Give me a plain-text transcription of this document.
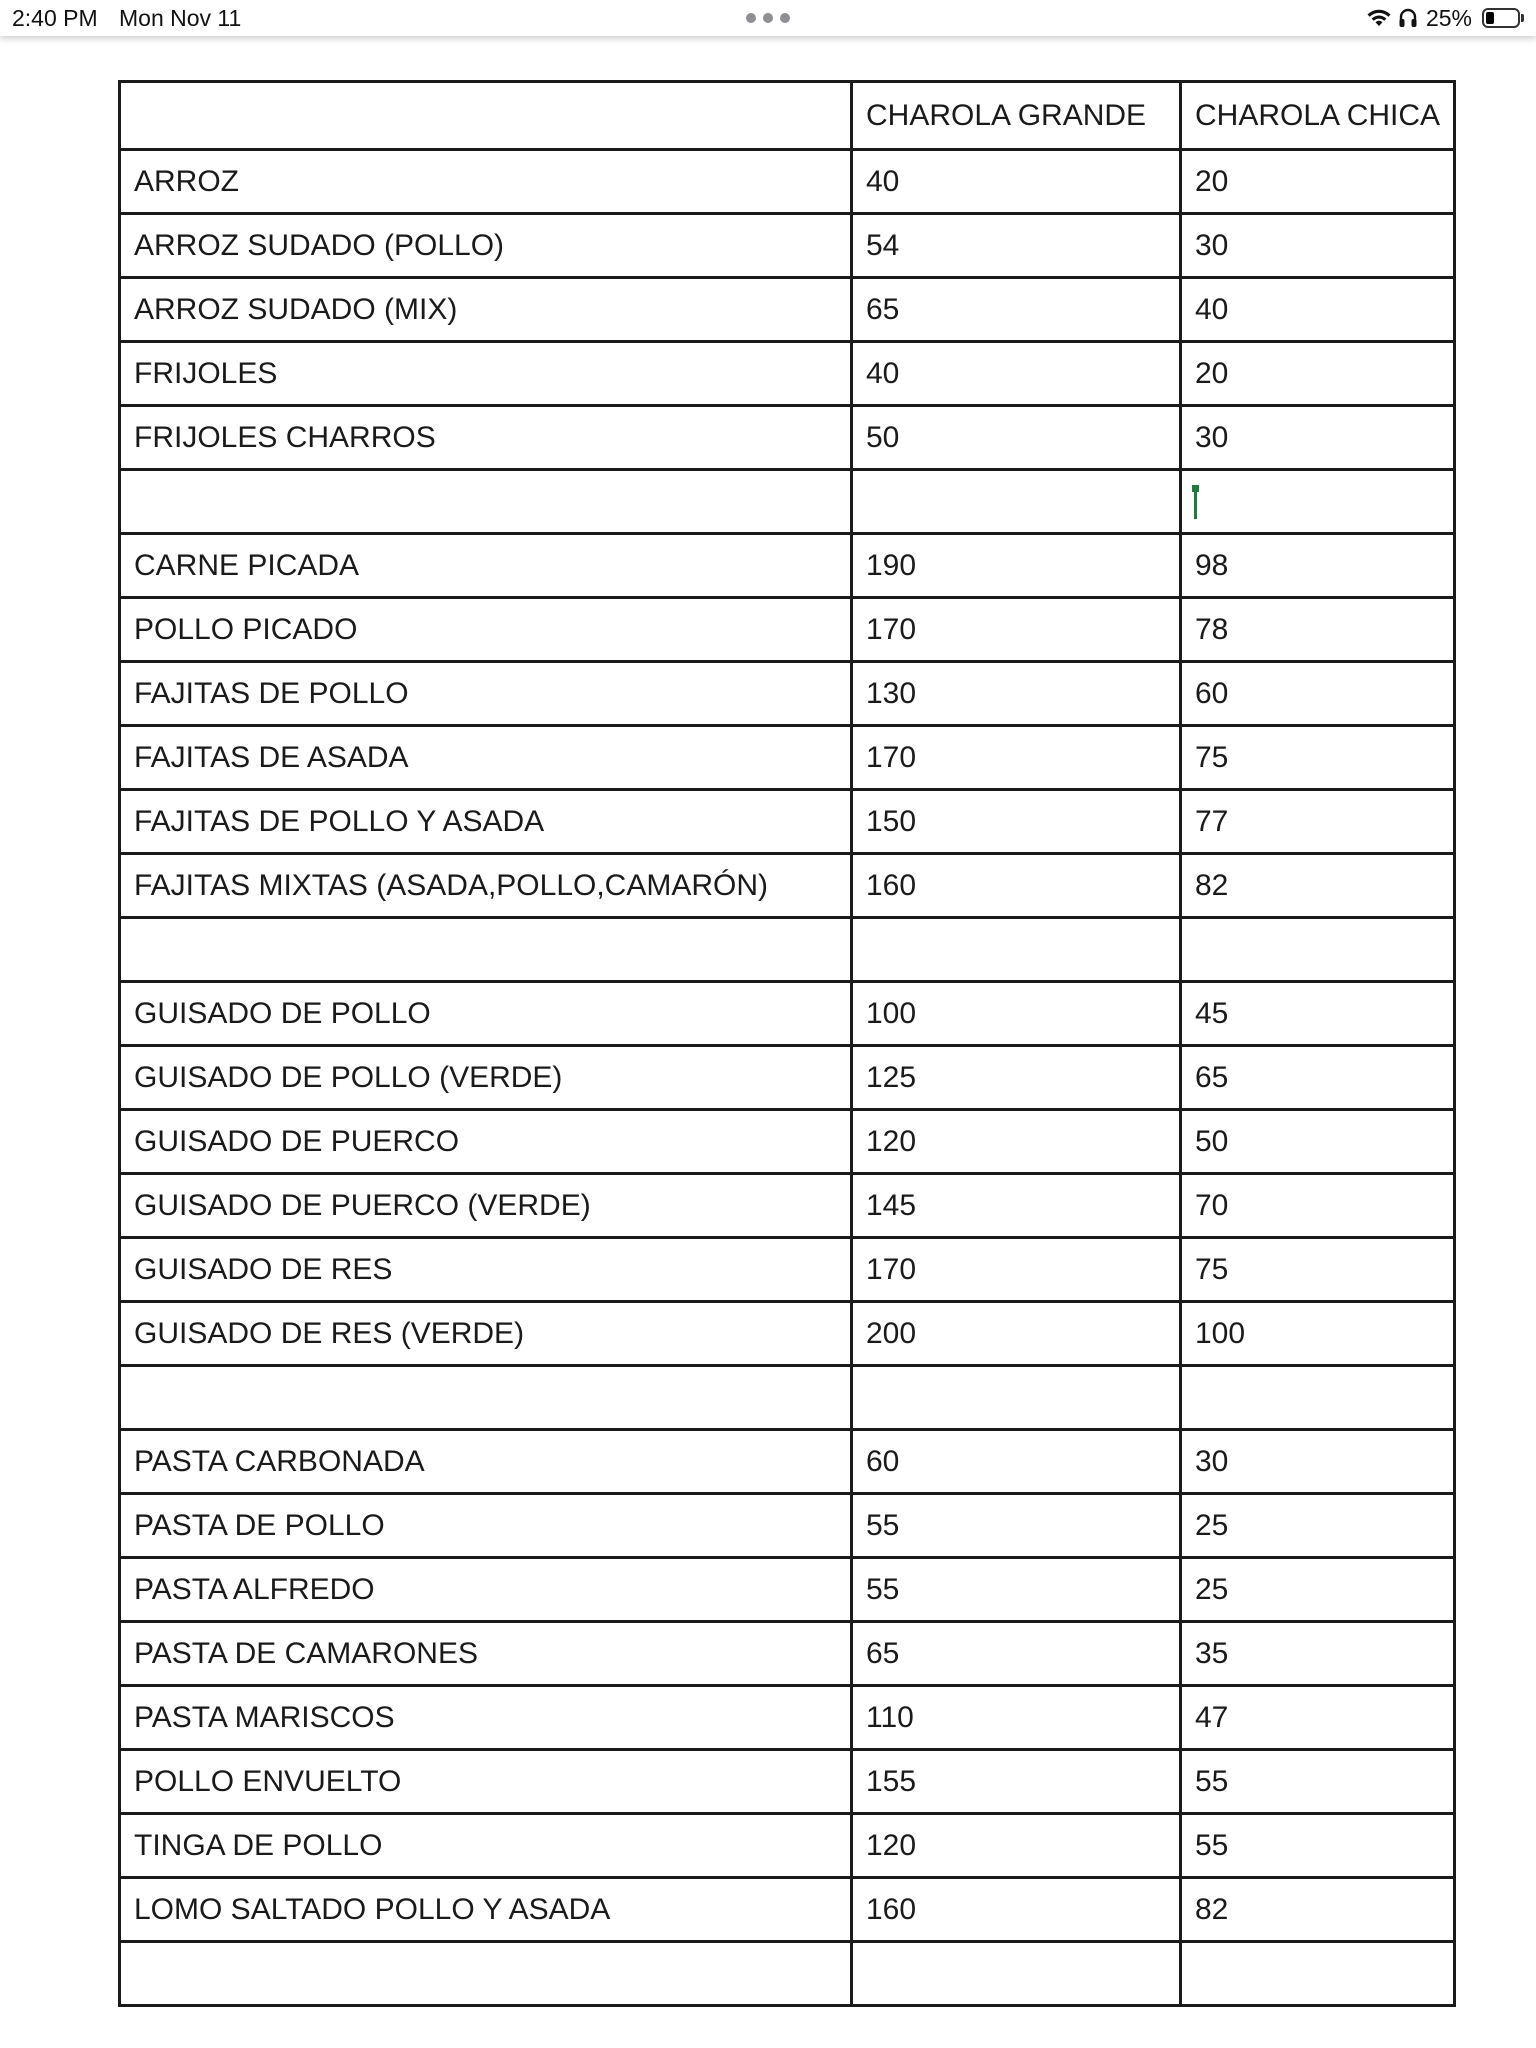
2:40 PM Mon Nov 11	25%
	CHAROLA GRANDE	CHAROLA CHICA
ARROZ	40	20
ARROZ SUDADO (POLLO)	54	30
ARROZ SUDADO (MIX)	65	40
FRIJOLES	40	20
FRIJOLES CHARROS	50	30

CARNE PICADA	190	98
POLLO PICADO	170	78
FAJITAS DE POLLO	130	60
FAJITAS DE ASADA	170	75
FAJITAS DE POLLO Y ASADA	150	77
FAJITAS MIXTAS (ASADA,POLLO,CAMARÓN)	160	82

GUISADO DE POLLO	100	45
GUISADO DE POLLO (VERDE)	125	65
GUISADO DE PUERCO	120	50
GUISADO DE PUERCO (VERDE)	145	70
GUISADO DE RES	170	75
GUISADO DE RES (VERDE)	200	100

PASTA CARBONADA	60	30
PASTA DE POLLO	55	25
PASTA ALFREDO	55	25
PASTA DE CAMARONES	65	35
PASTA MARISCOS	110	47
POLLO ENVUELTO	155	55
TINGA DE POLLO	120	55
LOMO SALTADO POLLO Y ASADA	160	82
